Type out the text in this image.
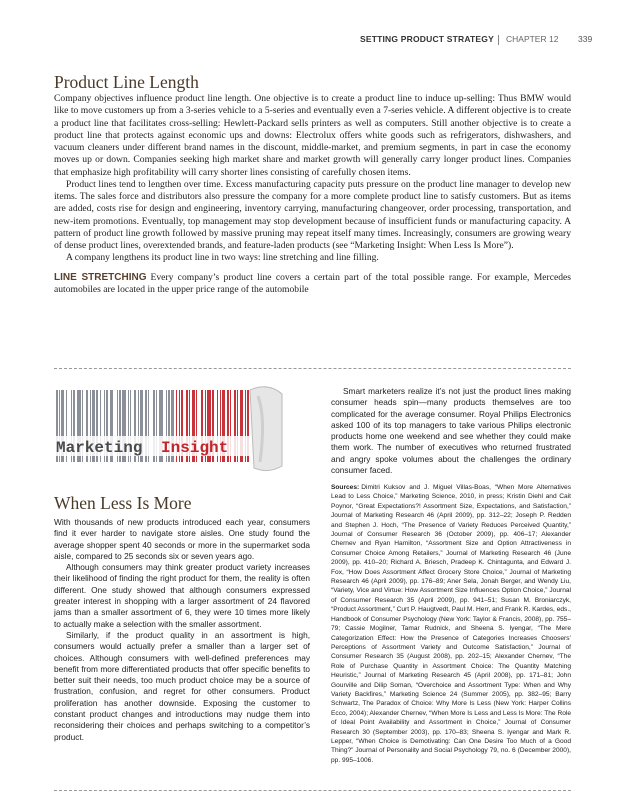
SETTING PRODUCT STRATEGY CHAPTER 12 339
Product Line Length

Company objectives influence product line length. One objective is to create a product line to induce up-selling: Thus BMW would like to move customers up from a 3-series vehicle to a 5-series and eventually even a 7-series vehicle. A different objective is to create a product line that facilitates cross-selling: Hewlett-Packard sells printers as well as computers. Still another objective is to create a product line that protects against economic ups and downs: Electrolux offers white goods such as refrigerators, dishwashers, and vacuum cleaners under different brand names in the discount, middle-market, and premium segments, in part in case the economy moves up or down. Companies seeking high market share and market growth will generally carry longer product lines. Companies that emphasize high profitability will carry shorter lines consisting of carefully chosen items.

Product lines tend to lengthen over time. Excess manufacturing capacity puts pressure on the product line manager to develop new items. The sales force and distributors also pressure the company for a more complete product line to satisfy customers. But as items are added, costs rise for design and engineering, inventory carrying, manufacturing changeover, order processing, transportation, and new-item promotions. Eventually, top management may stop development because of insufficient funds or manufacturing capacity. A pattern of product line growth followed by massive pruning may repeat itself many times. Increasingly, consumers are growing weary of dense product lines, overextended brands, and feature-laden products (see “Marketing Insight: When Less Is More”).

A company lengthens its product line in two ways: line stretching and line filling.

LINE STRETCHING Every company’s product line covers a certain part of the total possible range. For example, Mercedes automobiles are located in the upper price range of the automobile

Marketing Insight
When Less Is More

With thousands of new products introduced each year, consumers find it ever harder to navigate store aisles. One study found the average shopper spent 40 seconds or more in the supermarket soda aisle, compared to 25 seconds six or seven years ago.

Although consumers may think greater product variety increases their likelihood of finding the right product for them, the reality is often different. One study showed that although consumers expressed greater interest in shopping with a larger assortment of 24 flavored jams than a smaller assortment of 6, they were 10 times more likely to actually make a selection with the smaller assortment.

Similarly, if the product quality in an assortment is high, consumers would actually prefer a smaller than a larger set of choices. Although consumers with well-defined preferences may benefit from more differentiated products that offer specific benefits to better suit their needs, too much product choice may be a source of frustration, confusion, and regret for other consumers. Product proliferation has another downside. Exposing the customer to constant product changes and introductions may nudge them into reconsidering their choices and perhaps switching to a competitor’s product.

Smart marketers realize it’s not just the product lines making consumer heads spin—many products themselves are too complicated for the average consumer. Royal Philips Electronics asked 100 of its top managers to take various Philips electronic products home one weekend and see whether they could make them work. The number of executives who returned frustrated and angry spoke volumes about the challenges the ordinary consumer faced.

Sources: Dimitri Kuksov and J. Miguel Villas-Boas, “When More Alternatives Lead to Less Choice,” Marketing Science, 2010, in press; Kristin Diehl and Cait Poynor, “Great Expectations?! Assortment Size, Expectations, and Satisfaction,” Journal of Marketing Research 46 (April 2009), pp. 312–22; Joseph P. Redden and Stephen J. Hoch, “The Presence of Variety Reduces Perceived Quantity,” Journal of Consumer Research 36 (October 2009), pp. 406–17; Alexander Chernev and Ryan Hamilton, “Assortment Size and Option Attractiveness in Consumer Choice Among Retailers,” Journal of Marketing Research 46 (June 2009), pp. 410–20; Richard A. Briesch, Pradeep K. Chintagunta, and Edward J. Fox, “How Does Assortment Affect Grocery Store Choice,” Journal of Marketing Research 46 (April 2009), pp. 176–89; Aner Sela, Jonah Berger, and Wendy Liu, “Variety, Vice and Virtue: How Assortment Size Influences Option Choice,” Journal of Consumer Research 35 (April 2009), pp. 941–51; Susan M. Broniarczyk, “Product Assortment,” Curt P. Haugtvedt, Paul M. Herr, and Frank R. Kardes, eds., Handbook of Consumer Psychology (New York: Taylor & Francis, 2008), pp. 755–79; Cassie Mogilner, Tamar Rudnick, and Sheena S. Iyengar, “The Mere Categorization Effect: How the Presence of Categories Increases Choosers’ Perceptions of Assortment Variety and Outcome Satisfaction,” Journal of Consumer Research 35 (August 2008), pp. 202–15; Alexander Chernev, “The Role of Purchase Quantity in Assortment Choice: The Quantity Matching Heuristic,” Journal of Marketing Research 45 (April 2008), pp. 171–81; John Gourville and Dilip Soman, “Overchoice and Assortment Type: When and Why Variety Backfires,” Marketing Science 24 (Summer 2005), pp. 382–95; Barry Schwartz, The Paradox of Choice: Why More Is Less (New York: Harper Collins Ecco, 2004); Alexander Chernev, “When More Is Less and Less Is More: The Role of Ideal Point Availability and Assortment in Choice,” Journal of Consumer Research 30 (September 2003), pp. 170–83; Sheena S. Iyengar and Mark R. Lepper, “When Choice is Demotivating: Can One Desire Too Much of a Good Thing?” Journal of Personality and Social Psychology 79, no. 6 (December 2000), pp. 995–1006.
